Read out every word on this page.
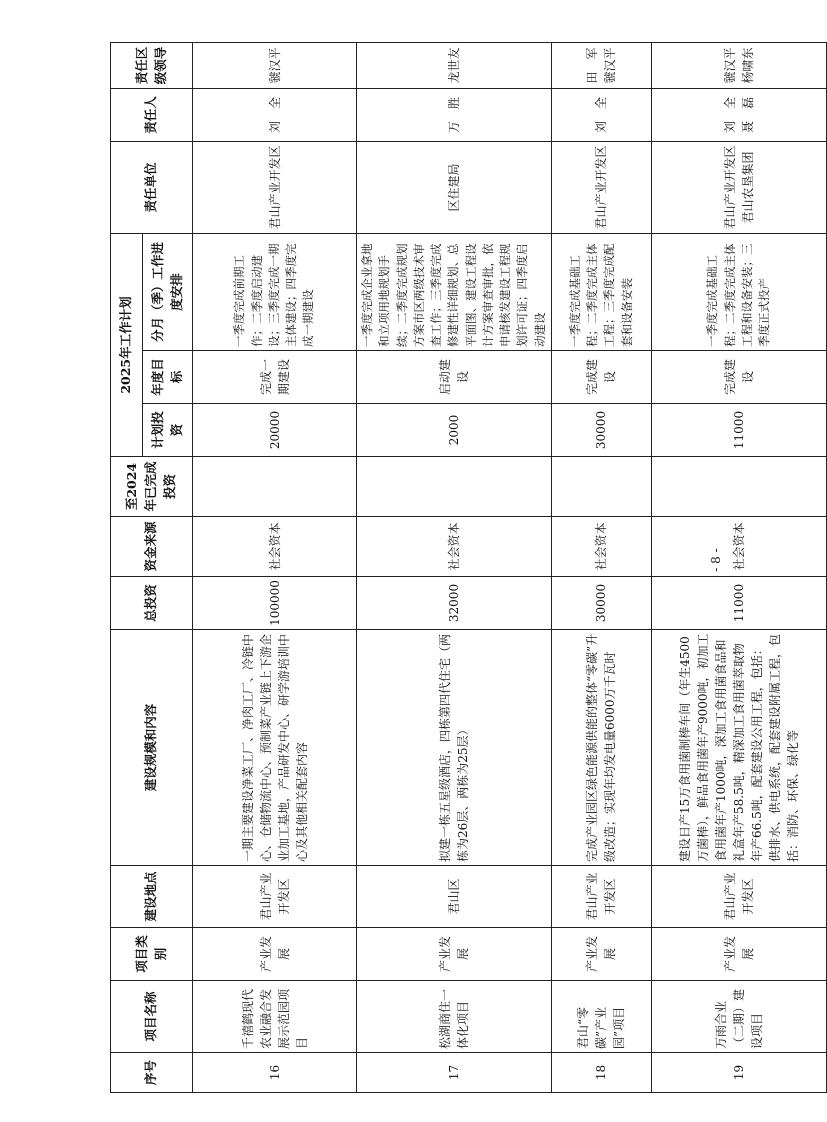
序号	项目名称	项目类别	建设地点	建设规模和内容	总投资	资金来源	至2024年已完成投资	2025年工作计划			责任单位	责任人	责任区级领导
								计划投资	年度目标	分月（季）工作进度安排			
16	千禧鹤现代农业融合发展示范园项目	产业发展	君山产业开发区	一期主要建设净菜工厂、净肉工厂、冷链中心、仓储物流中心、预制菜产业链上下游企业加工基地，产品研发中心、研学游培训中心及其他相关配套内容	100000	社会资本		20000	完成一期建设	一季度完成前期工作；二季度启动建设；三季度完成一期主体建设；四季度完成一期建设	君山产业开发区	刘　全	虢汉平
17	松湖商住一体化项目	产业发展	君山区	拟建一栋五星级酒店，四栋第四代住宅（两栋为26层、两栋为25层）	32000	社会资本		2000	启动建设	一季度完成企业拿地和立项用地规划手续；二季度完成规划方案市区两级技术审查工作；三季度完成修建性详细规划、总平面图、建设工程设计方案审查审批，依申请核发建设工程规划许可证；四季度启动建设	区住建局	万　胜	龙世友
18	君山“零碳”产业园”项目	产业发展	君山产业开发区	完成产业园区绿色能源供能的整体“零碳”升级改造；实现年均发电量6000万千瓦时	30000	社会资本		30000	完成建设	一季度完成基础工程；二季度完成主体工程；三季度完成配套和设备安装	君山产业开发区	刘　全	田　军 虢汉平
19	万雨合业（二期）建设项目	产业发展	君山产业开发区	建设日产15万食用菌制棒车间（年生4500万菌棒），鲜品食用菌年产9000吨，初加工食用菌年产1000吨，深加工食用菌食品和礼盒年产58.5吨，精深加工食用菌萃取物年产66.5吨，配套建设公用工程，包括：供排水、供电系统，配套建设附属工程，包括：消防、环保、绿化等	11000	社会资本		11000	完成建设	一季度完成基础工程；二季度完成主体工程和设备安装；三季度正式投产	君山产业开发区 君山农垦集团	刘　全 聂　磊	虢汉平 杨啸东
- 8 -
